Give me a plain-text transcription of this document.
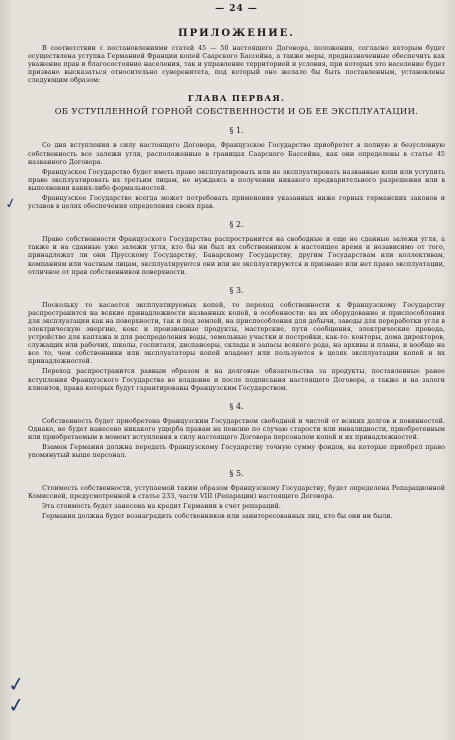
— 24 —
ПРИЛОЖЕНИЕ.

В соответствии с постановлениями статей 45 — 50 настоящего Договора, положения, согласно которым будет осуществлена уступка Германией Франции копей Саарского Бассейна, а также меры, предназначенные обеспечить как уважение прав и благосостояние населения, так и управление территорией и условия, при которых это население будет призвано высказаться относительно суверенитета, под который оно желало бы быть поставленным, установлены следующим образом:

ГЛАВА ПЕРВАЯ.
ОБ УСТУПЛЕННОЙ ГОРНОЙ СОБСТВЕННОСТИ И ОБ ЕЕ ЭКСПЛУАТАЦИИ.
§ 1.

Со дня вступления в силу настоящего Договора, Французское Государство приобретет в полную и безусловную собственность все залежи угля, расположенные в границах Саарского Бассейна, как они определены в статье 45 названного Договора.

Французское Государство будет иметь право эксплуатировать или не эксплуатировать названные копи или уступить право эксплуатировать их третьим лицам, не нуждаясь в получении никакого предварительного разрешения или в выполнении каких-либо формальностей.

Французское Государство всегда может потребовать применения указанных ниже горных германских законов и уставов в целях обеспечения определения своих прав.

§ 2.

Право собственности Французского Государства распространится на свободные и еще не сданные залежи угля, а также и на сданные уже залежи угля, кто бы ни был их собственником в настоящее время и независимо от того, принадлежат ли они Прусскому Государству, Баварскому Государству, другим Государствам или коллективам, компаниям или частным лицам, эксплуатируются они или не эксплуатируются и признано или нет право эксплуатации, отличное от прав собственников поверхности.

§ 3.

Поскольку то касается эксплуатируемых копей, то переход собственности к Французскому Государству распространится на всякие принадлежности названных копей, в особенности: на их оборудование и приспособления для эксплуатации как на поверхности, так и под землей, на приспособления для добычи, заводы для переработки угля в электрическую энергию, кокс и производные продукты, мастерские, пути сообщения, электрические провода, устройство для каптажа и для распределения воды, земельные участки и постройки, как-то: конторы, дома директоров, служащих или рабочих, школы, госпиталя, диспансеры, склады и запасы всякого рода, на архивы и планы, и вообще на все то, чем собственники или эксплуататоры копей владеют или пользуются в целях эксплуатации копей и их принадлежностей.

Переход распространится равным образом и на долговые обязательства за продукты, поставленные ранее вступления Французского Государства во владение и после подписания настоящего Договора, а также и на залоги клиентов, права которых будут гарантированы Французским Государством.

§ 4.

Собственность будет приобретена Французским Государством свободной и чистой от всяких долгов и повинностей. Однако, не будет нанесено никакого ущерба правам на пенсию по случаю старости или инвалидности, приобретенным или приобретаемым в момент вступления в силу настоящего Договора персоналом копей и их принадлежностей.

Взамен Германия должна передать Французскому Государству точную сумму фондов, на которые приобрел право упомянутый выше персонал.

§ 5.

Стоимость собственности, уступаемой таким образом Французскому Государству, будет определена Репарационной Комиссией, предусмотренной в статье 233, части VIII (Репарации) настоящего Договора.

Эта стоимость будет занесена на кредит Германии в счет репараций.

Германия должна будет вознаградить собственников или заинтересованных лиц, кто бы они ни были.

✓
✓
✓
